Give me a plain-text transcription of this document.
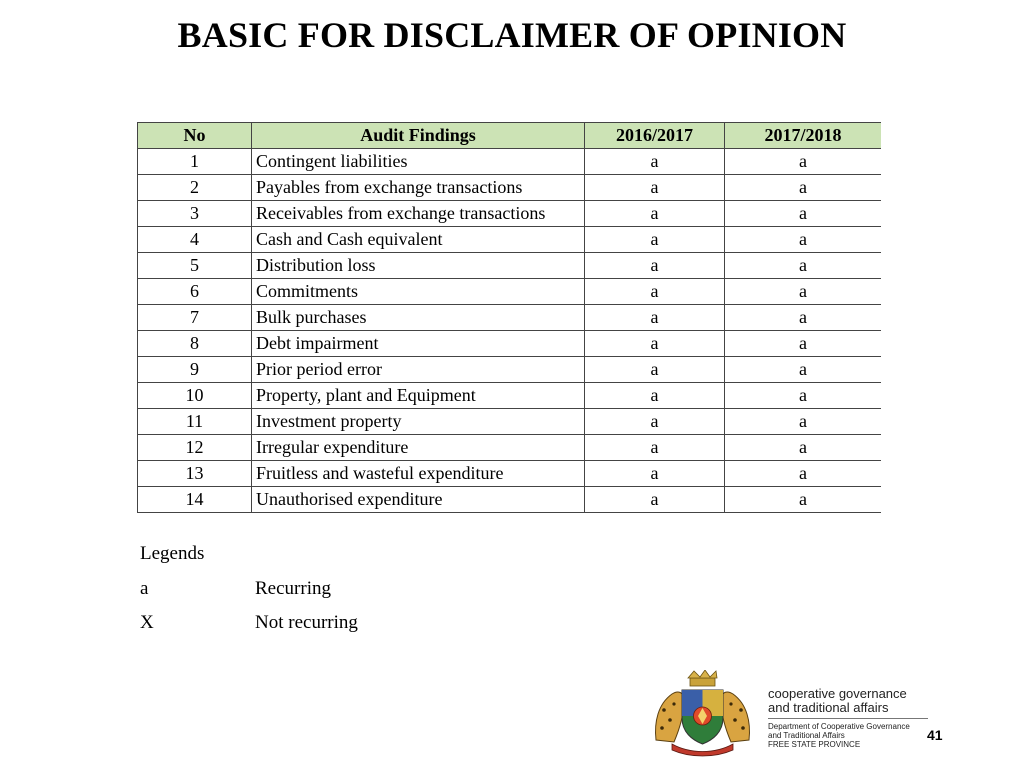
BASIC FOR DISCLAIMER OF OPINION
No	Audit Findings	2016/2017	2017/2018
1	Contingent liabilities	a	a
2	Payables from exchange transactions	a	a
3	Receivables from exchange transactions	a	a
4	Cash and Cash equivalent	a	a
5	Distribution loss	a	a
6	Commitments	a	a
7	Bulk purchases	a	a
8	Debt impairment	a	a
9	Prior period error	a	a
10	Property, plant and Equipment	a	a
11	Investment property	a	a
12	Irregular expenditure	a	a
13	Fruitless and wasteful expenditure	a	a
14	Unauthorised expenditure	a	a
Legends
a	Recurring
X	Not recurring
cooperative governance
and traditional affairs
Department of Cooperative Governance
and Traditional Affairs
FREE STATE PROVINCE
41
